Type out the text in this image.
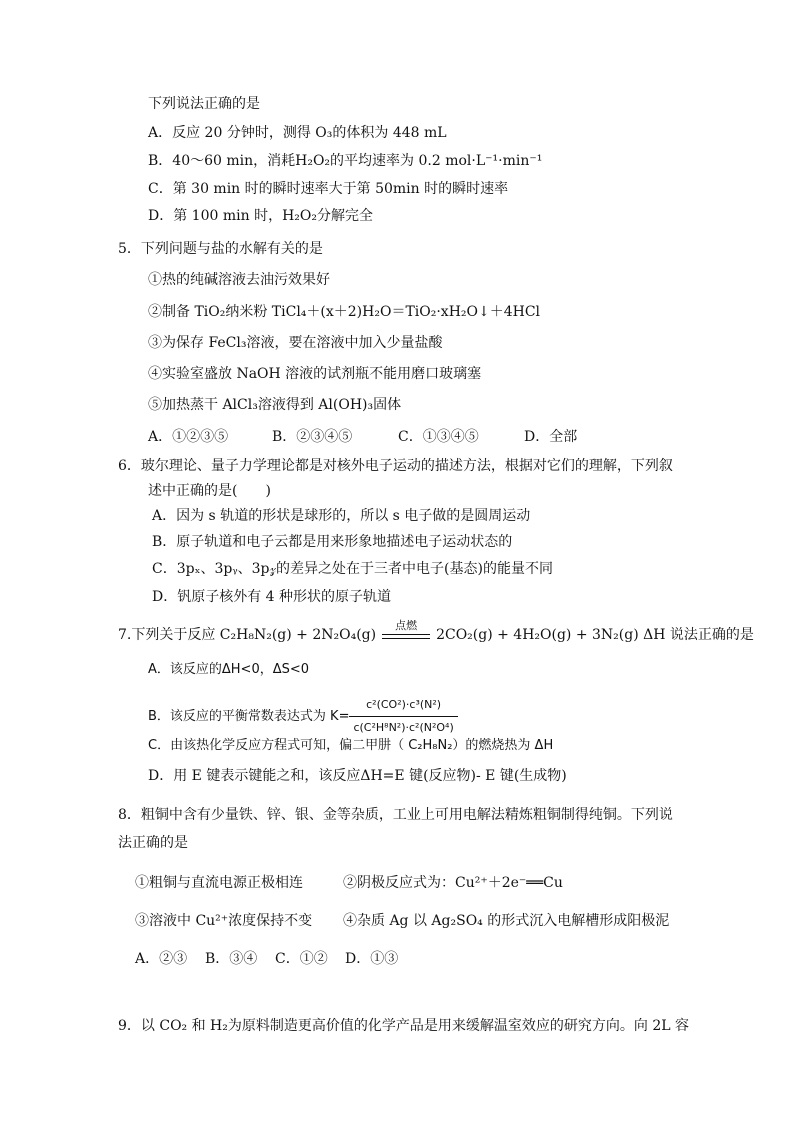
下列说法正确的是
A．反应 20 分钟时，测得 O₃的体积为 448 mL
B．40～60 min，消耗H₂O₂的平均速率为 0.2 mol·L⁻¹·min⁻¹
C．第 30 min 时的瞬时速率大于第 50min 时的瞬时速率
D．第 100 min 时，H₂O₂分解完全
5．下列问题与盐的水解有关的是
①热的纯碱溶液去油污效果好
②制备 TiO₂纳米粉 TiCl₄＋(x＋2)H₂O＝TiO₂·xH₂O↓＋4HCl
③为保存 FeCl₃溶液，要在溶液中加入少量盐酸
④实验室盛放 NaOH 溶液的试剂瓶不能用磨口玻璃塞
⑤加热蒸干 AlCl₃溶液得到 Al(OH)₃固体
A．①②③⑤	B．②③④⑤	C．①③④⑤	D．全部
6．玻尔理论、量子力学理论都是对核外电子运动的描述方法，根据对它们的理解，下列叙
述中正确的是(　　)
A．因为 s 轨道的形状是球形的，所以 s 电子做的是圆周运动
B．原子轨道和电子云都是用来形象地描述电子运动状态的
C．3pₓ、3pᵧ、3p𝓏的差异之处在于三者中电子(基态)的能量不同
D．钒原子核外有 4 种形状的原子轨道
7.下列关于反应 C₂H₈N₂(g) + 2N₂O₄(g)
点燃
2CO₂(g) + 4H₂O(g) + 3N₂(g) ΔH 说法正确的是
A．该反应的ΔH<0，ΔS<0
B．该反应的平衡常数表达式为 $K= \frac{\text{c²(CO²)·c³(N²)}}{\text{c(C²H⁸N²)·c²(N²O⁴)}}$
C．由该热化学反应方程式可知，偏二甲肼（ C₂H₈N₂）的燃烧热为 ΔH
D．用 E 键表示键能之和，该反应ΔH=E 键(反应物)- E 键(生成物)
8．粗铜中含有少量铁、锌、银、金等杂质，工业上可用电解法精炼粗铜制得纯铜。下列说
法正确的是
①粗铜与直流电源正极相连	②阴极反应式为：Cu²⁺＋2e⁻══Cu
③溶液中 Cu²⁺浓度保持不变 ④杂质 Ag 以 Ag₂SO₄ 的形式沉入电解槽形成阳极泥
A．②③ B．③④ C．①② D．①③
9．以 CO₂ 和 H₂为原料制造更高价值的化学产品是用来缓解温室效应的研究方向。向 2L 容
